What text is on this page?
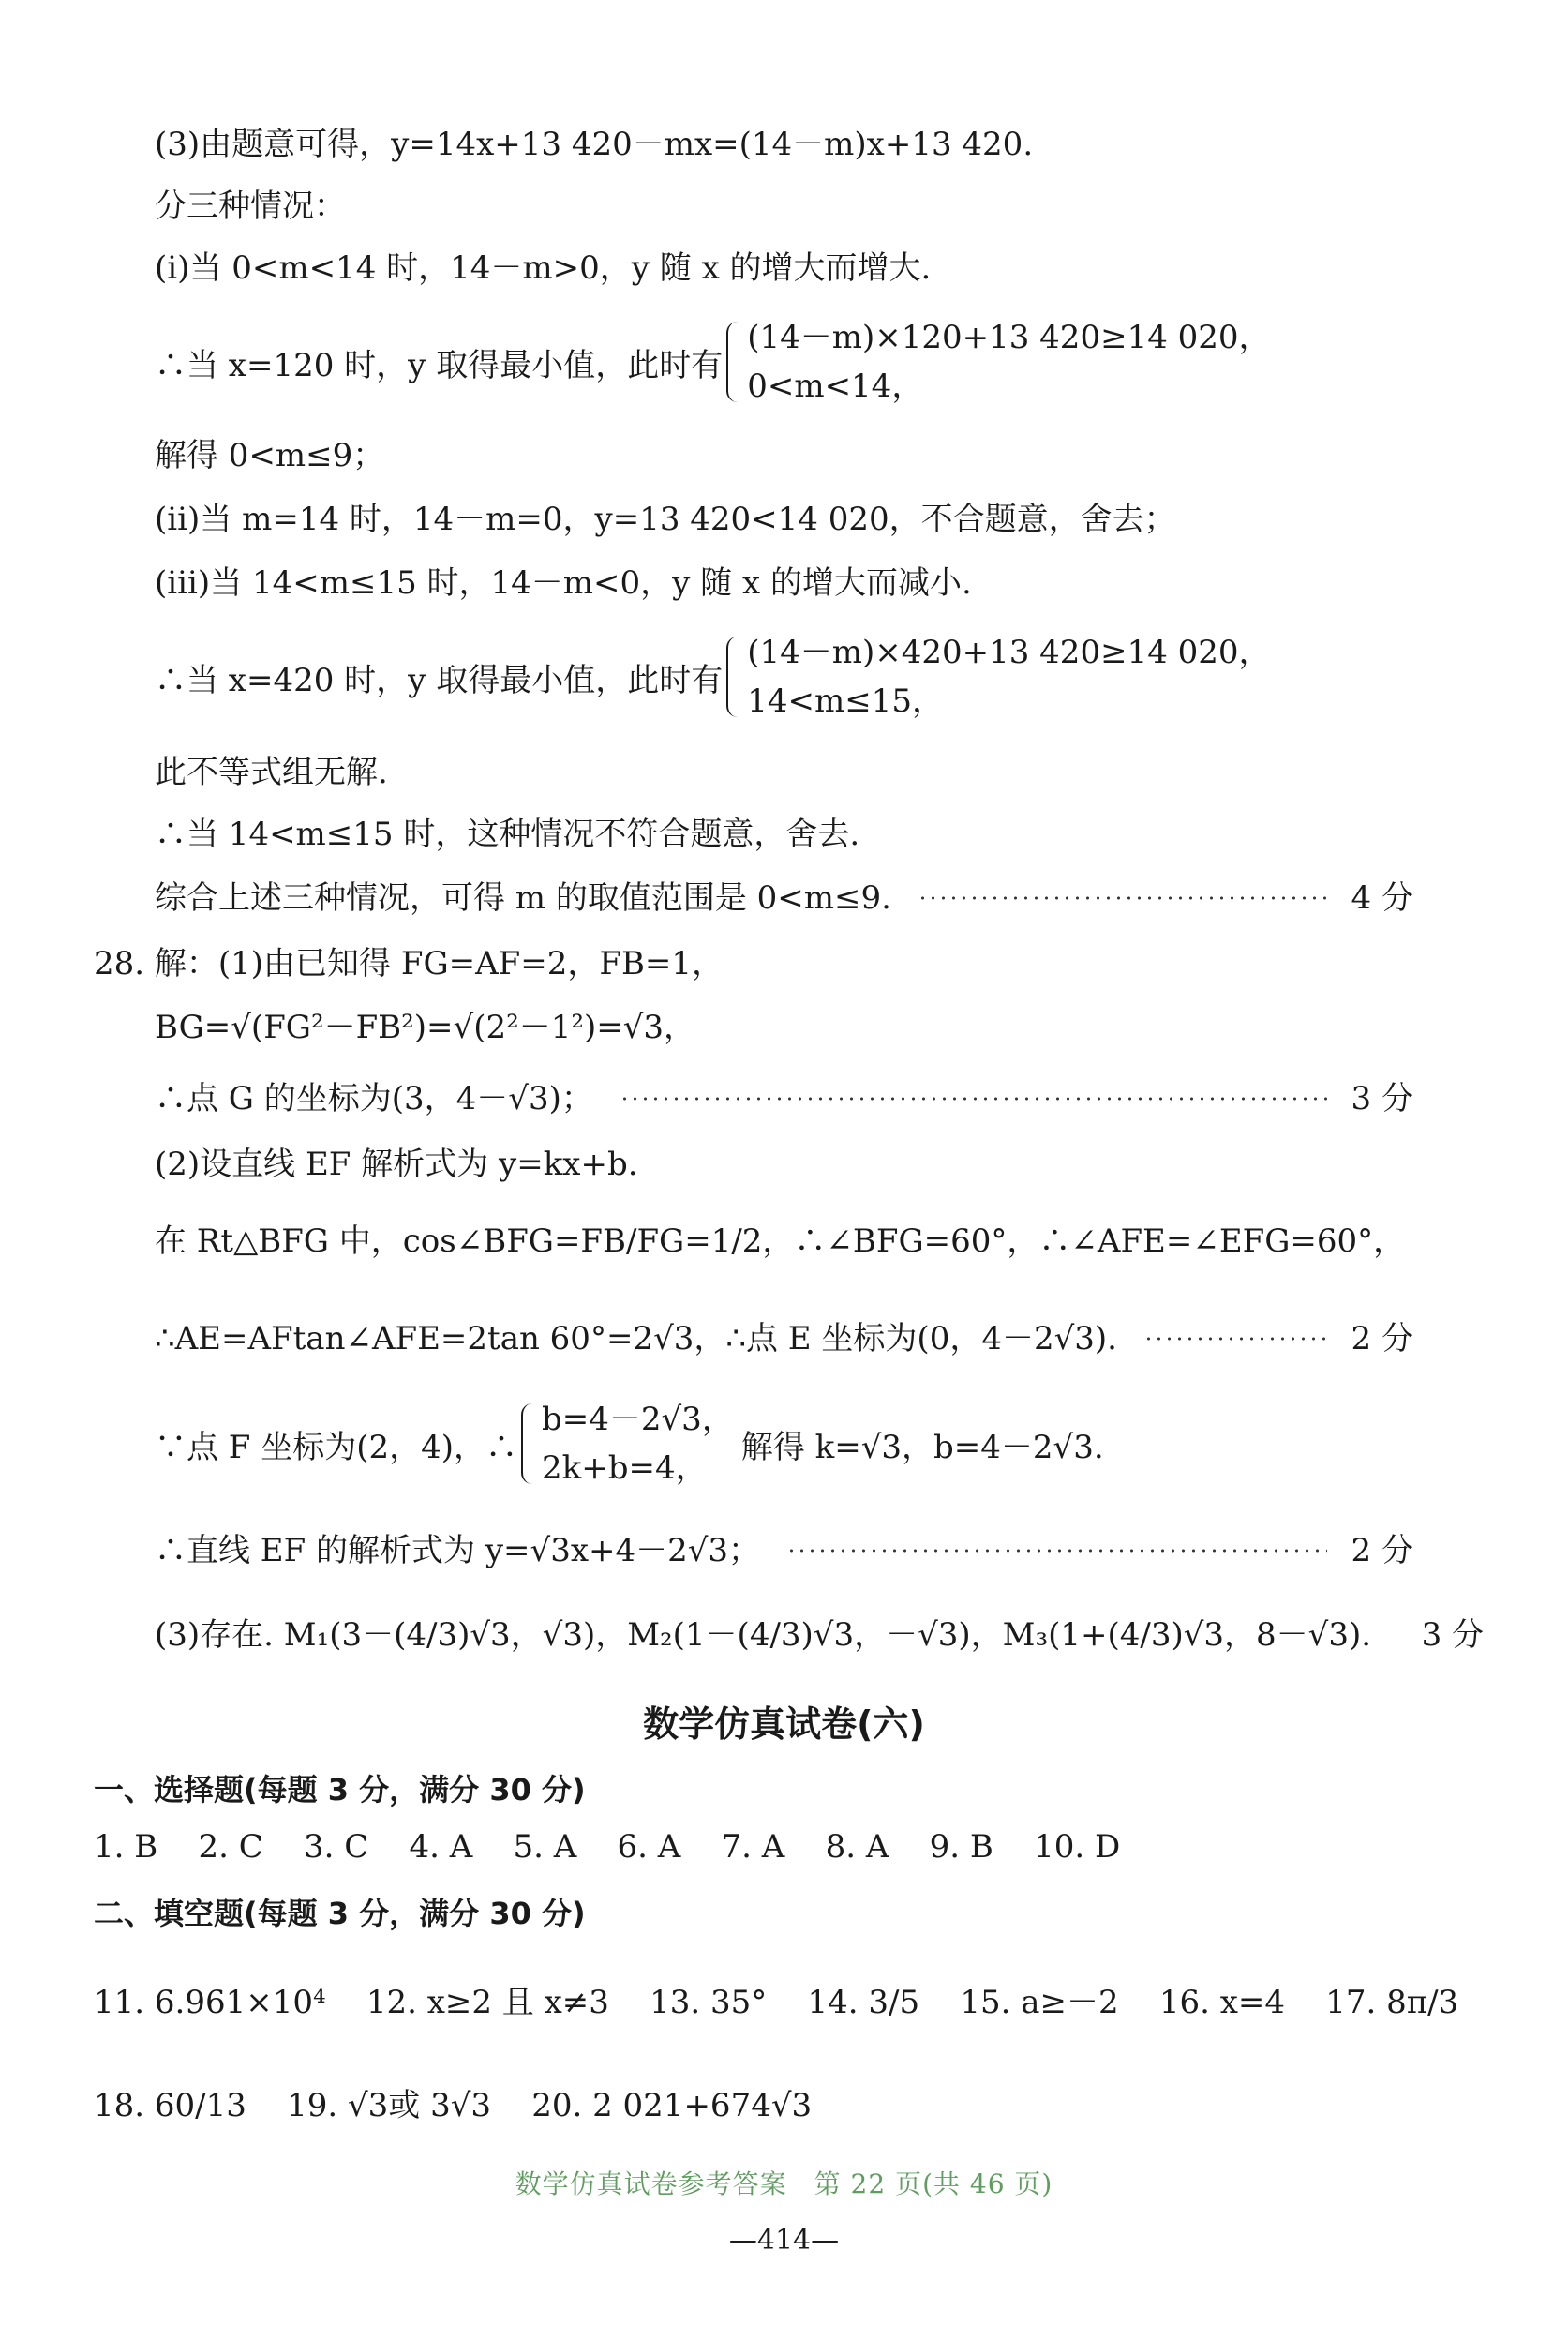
(3)由题意可得，y=14x+13 420－mx=(14－m)x+13 420.
分三种情况：
(i)当 0<m<14 时，14－m>0，y 随 x 的增大而增大.
∴当 x=120 时，y 取得最小值，此时有
(14－m)×120+13 420≥14 020，
0<m<14，
解得 0<m≤9；
(ii)当 m=14 时，14－m=0，y=13 420<14 020，不合题意，舍去；
(iii)当 14<m≤15 时，14－m<0，y 随 x 的增大而减小.
∴当 x=420 时，y 取得最小值，此时有
(14－m)×420+13 420≥14 020，
14<m≤15，
此不等式组无解.
∴当 14<m≤15 时，这种情况不符合题意，舍去.
综合上述三种情况，可得 m 的取值范围是 0<m≤9.	4 分
28. 解：(1)由已知得 FG=AF=2，FB=1，
BG=√(FG²－FB²)=√(2²－1²)=√3，
∴点 G 的坐标为(3，4－√3)；	3 分
(2)设直线 EF 解析式为 y=kx+b.
在 Rt△BFG 中，cos∠BFG=FB/FG=1/2，∴∠BFG=60°，∴∠AFE=∠EFG=60°，
∴AE=AFtan∠AFE=2tan 60°=2√3，∴点 E 坐标为(0，4－2√3).	2 分
∵点 F 坐标为(2，4)，∴
b=4－2√3，
2k+b=4，
解得 k=√3，b=4－2√3.
∴直线 EF 的解析式为 y=√3x+4－2√3；	2 分
(3)存在. M₁(3－(4/3)√3，√3)，M₂(1－(4/3)√3，－√3)，M₃(1+(4/3)√3，8－√3).	3 分
数学仿真试卷(六)
一、选择题(每题 3 分，满分 30 分)
1. B    2. C    3. C    4. A    5. A    6. A    7. A    8. A    9. B    10. D
二、填空题(每题 3 分，满分 30 分)
11. 6.961×10⁴    12. x≥2 且 x≠3    13. 35°    14. 3/5    15. a≥－2    16. x=4    17. 8π/3
18. 60/13    19. √3或 3√3    20. 2 021+674√3
数学仿真试卷参考答案　第 22 页(共 46 页)
—414—
